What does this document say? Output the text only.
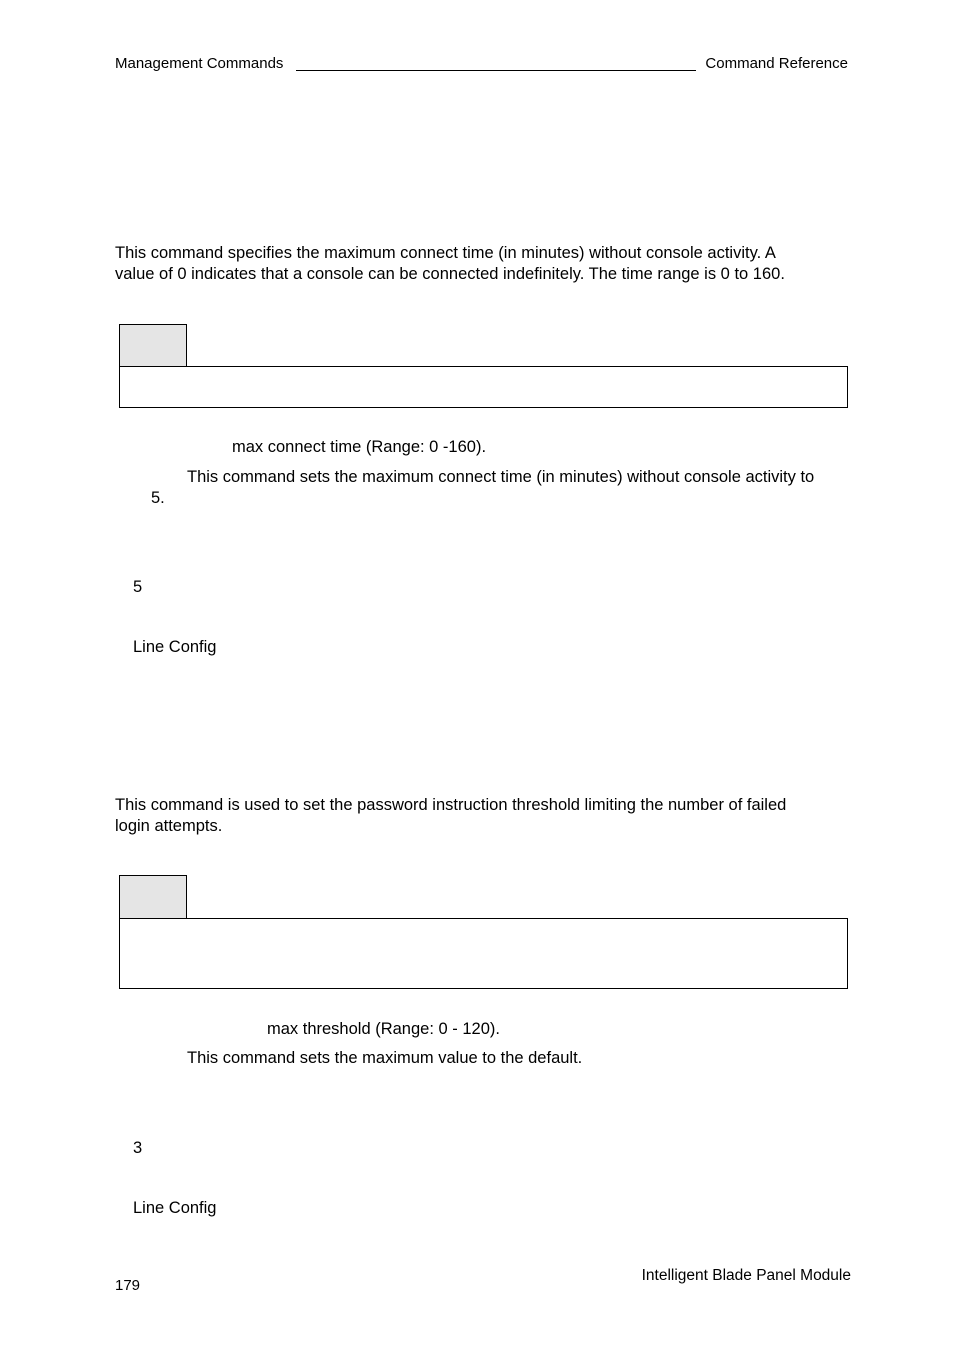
Management Commands	Command Reference
This command specifies the maximum connect time (in minutes) without console activity. A
value of 0 indicates that a console can be connected indefinitely. The time range is 0 to 160.
max connect time (Range: 0 -160).
This command sets the maximum connect time (in minutes) without console activity to
5.
5
Line Config
This command is used to set the password instruction threshold limiting the number of failed
login attempts.
max threshold (Range: 0 - 120).
This command sets the maximum value to the default.
3
Line Config
179
Intelligent Blade Panel Module
